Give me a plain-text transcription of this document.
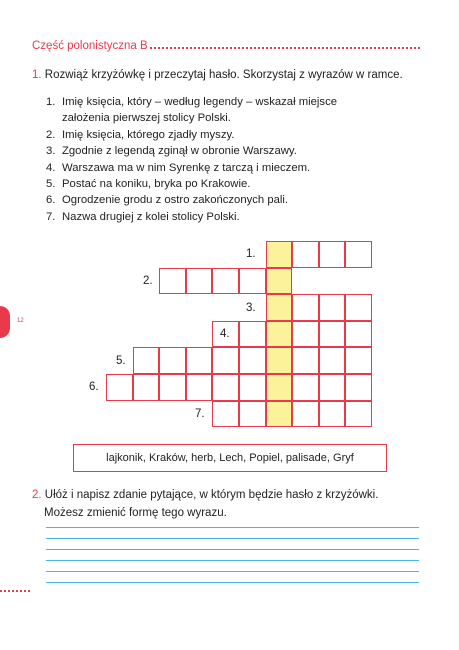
Część polonistyczna B
1. Rozwiąż krzyżówkę i przeczytaj hasło. Skorzystaj z wyrazów w ramce.
1. Imię księcia, który – według legendy – wskazał miejsce
założenia pierwszej stolicy Polski.
2. Imię księcia, którego zjadły myszy.
3. Zgodnie z legendą zginął w obronie Warszawy.
4. Warszawa ma w nim Syrenkę z tarczą i mieczem.
5. Postać na koniku, bryka po Krakowie.
6. Ogrodzenie grodu z ostro zakończonych pali.
7. Nazwa drugiej z kolei stolicy Polski.
1.
2.
3.
4.
5.
6.
7.
lajkonik, Kraków, herb, Lech, Popiel, palisade, Gryf
2. Ułóż i napisz zdanie pytające, w którym będzie hasło z krzyżówki.
Możesz zmienić formę tego wyrazu.
12
